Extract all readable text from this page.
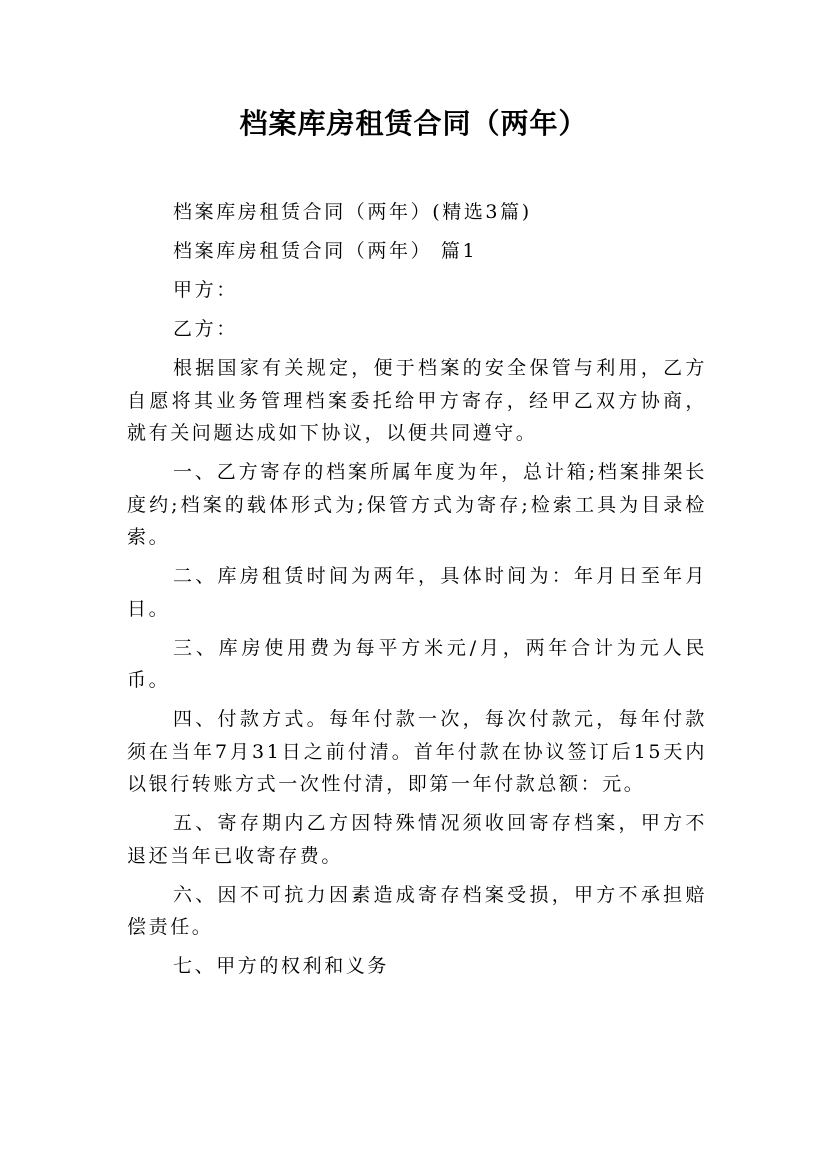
档案库房租赁合同（两年）

档案库房租赁合同（两年）(精选3篇)

档案库房租赁合同（两年） 篇1

甲方：

乙方：

根据国家有关规定，便于档案的安全保管与利用，乙方自愿将其业务管理档案委托给甲方寄存，经甲乙双方协商，就有关问题达成如下协议，以便共同遵守。

一、乙方寄存的档案所属年度为年，总计箱;档案排架长度约;档案的载体形式为;保管方式为寄存;检索工具为目录检索。

二、库房租赁时间为两年，具体时间为：年月日至年月日。

三、库房使用费为每平方米元/月，两年合计为元人民币。

四、付款方式。每年付款一次，每次付款元，每年付款须在当年7月31日之前付清。首年付款在协议签订后15天内以银行转账方式一次性付清，即第一年付款总额：元。

五、寄存期内乙方因特殊情况须收回寄存档案，甲方不退还当年已收寄存费。

六、因不可抗力因素造成寄存档案受损，甲方不承担赔偿责任。

七、甲方的权利和义务
